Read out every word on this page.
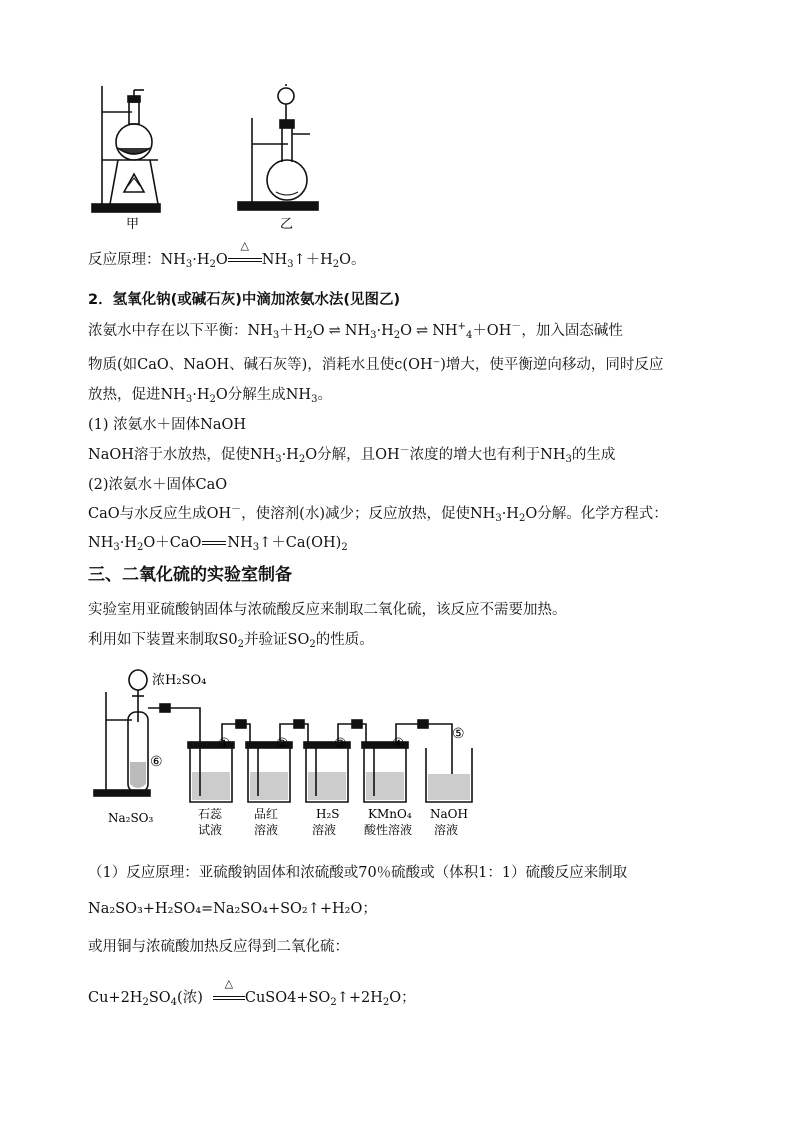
甲	乙
反应原理：$NH_3\cdot H_2O$
△
$NH_3↑+H_2O$。
2．氢氧化钠(或碱石灰)中滴加浓氨水法(见图乙)
浓氨水中存在以下平衡：$NH_3+H_2O$ ⇌ $NH_3\cdot H_2O$ ⇌ $NH^+_4+OH^-$，加入固态碱性
物质(如CaO、NaOH、碱石灰等)，消耗水且使c(OH⁻)增大，使平衡逆向移动，同时反应
放热，促进$NH_3\cdot H_2O$分解生成$NH_3$。
(1) 浓氨水＋固体NaOH
NaOH溶于水放热，促使$NH_3\cdot H_2O$分解，且OH－浓度的增大也有利于$NH_3$的生成
(2)浓氨水＋固体CaO
CaO与水反应生成OH－，使溶剂(水)减少；反应放热，促使$NH_3\cdot H_2O$分解。化学方程式：
$NH_3\cdot H_2O+CaO$ $NH_3↑+Ca(OH)_2$
三、二氧化硫的实验室制备
实验室用亚硫酸钠固体与浓硫酸反应来制取二氧化硫，该反应不需要加热。
利用如下装置来制取$S0_2$并验证$SO_2$的性质。
浓H₂SO₄
⑥
Na₂SO₃
①	②	③	④
⑤
石蕊
试液
品红
溶液
H₂S
溶液
KMnO₄
酸性溶液
NaOH
溶液
（1）反应原理：亚硫酸钠固体和浓硫酸或70％硫酸或（体积1：1）硫酸反应来制取
Na₂SO₃+H₂SO₄=Na₂SO₄+SO₂↑+H₂O；
或用铜与浓硫酸加热反应得到二氧化硫：
$Cu+2H_2SO_4$(浓)
△
$CuSO4+SO_2↑+2H_2O$；
